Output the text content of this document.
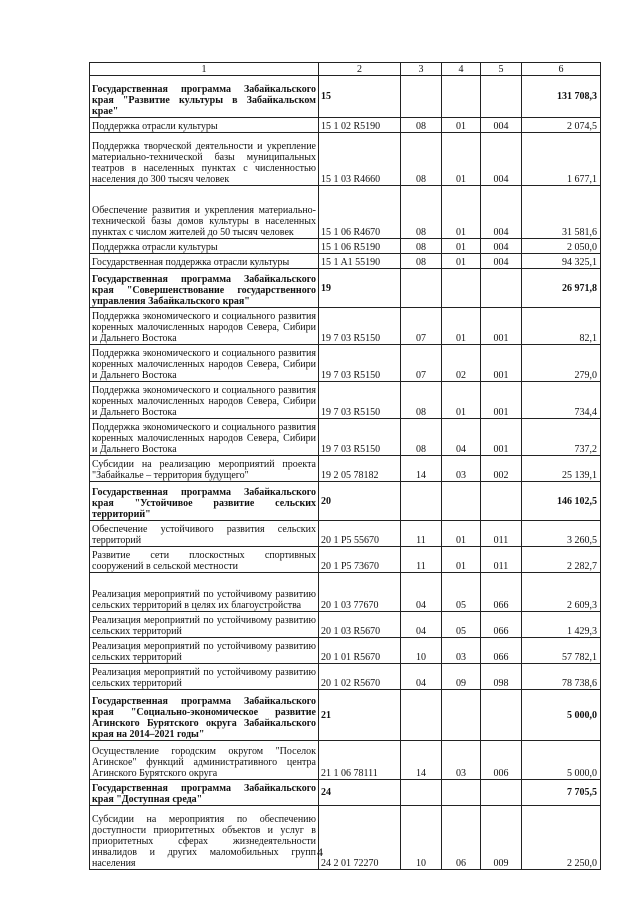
1	2	3	4	5	6
Государственная программа Забайкальского края "Развитие культуры в Забайкальском крае"	15				131 708,3
Поддержка отрасли культуры	15 1 02 R5190	08	01	004	2 074,5
Поддержка творческой деятельности и укрепление материально-технической базы муниципальных театров в населенных пунктах с численностью населения до 300 тысяч человек	15 1 03 R4660	08	01	004	1 677,1
Обеспечение развития и укрепления материально-технической базы домов культуры в населенных пунктах с числом жителей до 50 тысяч человек	15 1 06 R4670	08	01	004	31 581,6
Поддержка отрасли культуры	15 1 06 R5190	08	01	004	2 050,0
Государственная поддержка отрасли культуры	15 1 A1 55190	08	01	004	94 325,1
Государственная программа Забайкальского края "Совершенствование государственного управления Забайкальского края"	19				26 971,8
Поддержка экономического и социального развития коренных малочисленных народов Севера, Сибири и Дальнего Востока	19 7 03 R5150	07	01	001	82,1
Поддержка экономического и социального развития коренных малочисленных народов Севера, Сибири и Дальнего Востока	19 7 03 R5150	07	02	001	279,0
Поддержка экономического и социального развития коренных малочисленных народов Севера, Сибири и Дальнего Востока	19 7 03 R5150	08	01	001	734,4
Поддержка экономического и социального развития коренных малочисленных народов Севера, Сибири и Дальнего Востока	19 7 03 R5150	08	04	001	737,2
Субсидии на реализацию мероприятий проекта "Забайкалье – территория будущего"	19 2 05 78182	14	03	002	25 139,1
Государственная программа Забайкальского края "Устойчивое развитие сельских территорий"	20				146 102,5
Обеспечение устойчивого развития сельских территорий	20 1 P5 55670	11	01	011	3 260,5
Развитие сети плоскостных спортивных сооружений в сельской местности	20 1 P5 73670	11	01	011	2 282,7
Реализация мероприятий по устойчивому развитию сельских территорий в целях их благоустройства	20 1 03 77670	04	05	066	2 609,3
Реализация мероприятий по устойчивому развитию сельских территорий	20 1 03 R5670	04	05	066	1 429,3
Реализация мероприятий по устойчивому развитию сельских территорий	20 1 01 R5670	10	03	066	57 782,1
Реализация мероприятий по устойчивому развитию сельских территорий	20 1 02 R5670	04	09	098	78 738,6
Государственная программа Забайкальского края "Социально-экономическое развитие Агинского Бурятского округа Забайкальского края на 2014–2021 годы"	21				5 000,0
Осуществление городским округом "Поселок Агинское" функций административного центра Агинского Бурятского округа	21 1 06 78111	14	03	006	5 000,0
Государственная программа Забайкальского края "Доступная среда"	24				7 705,5
Субсидии на мероприятия по обеспечению доступности приоритетных объектов и услуг в приоритетных сферах жизнедеятельности инвалидов и других маломобильных групп населения	24 2 01 72270	10	06	009	2 250,0
4
